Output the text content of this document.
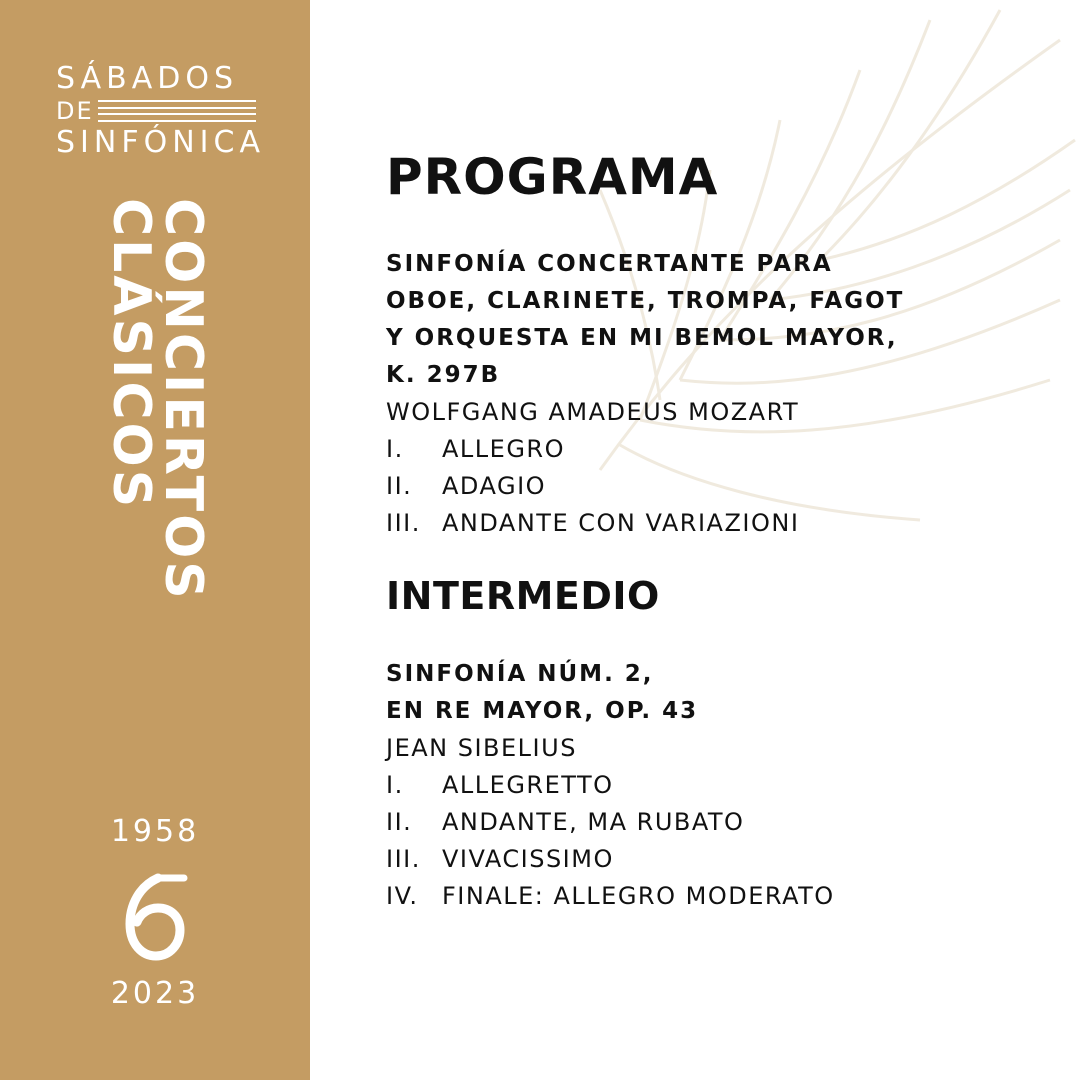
SÁBADOS
DE
SINFÓNICA
CONCIERTOS
CLÁSICOS
1958
2023
PROGRAMA
SINFONÍA CONCERTANTE PARA
OBOE, CLARINETE, TROMPA, FAGOT
Y ORQUESTA EN MI BEMOL MAYOR,
K. 297B
WOLFGANG AMADEUS MOZART
I.	ALLEGRO
II.	ADAGIO
III. ANDANTE CON VARIAZIONI
INTERMEDIO
SINFONÍA NÚM. 2,
EN RE MAYOR, OP. 43
JEAN SIBELIUS
I.	ALLEGRETTO
II.	ANDANTE, MA RUBATO
III. VIVACISSIMO
IV. FINALE: ALLEGRO MODERATO
